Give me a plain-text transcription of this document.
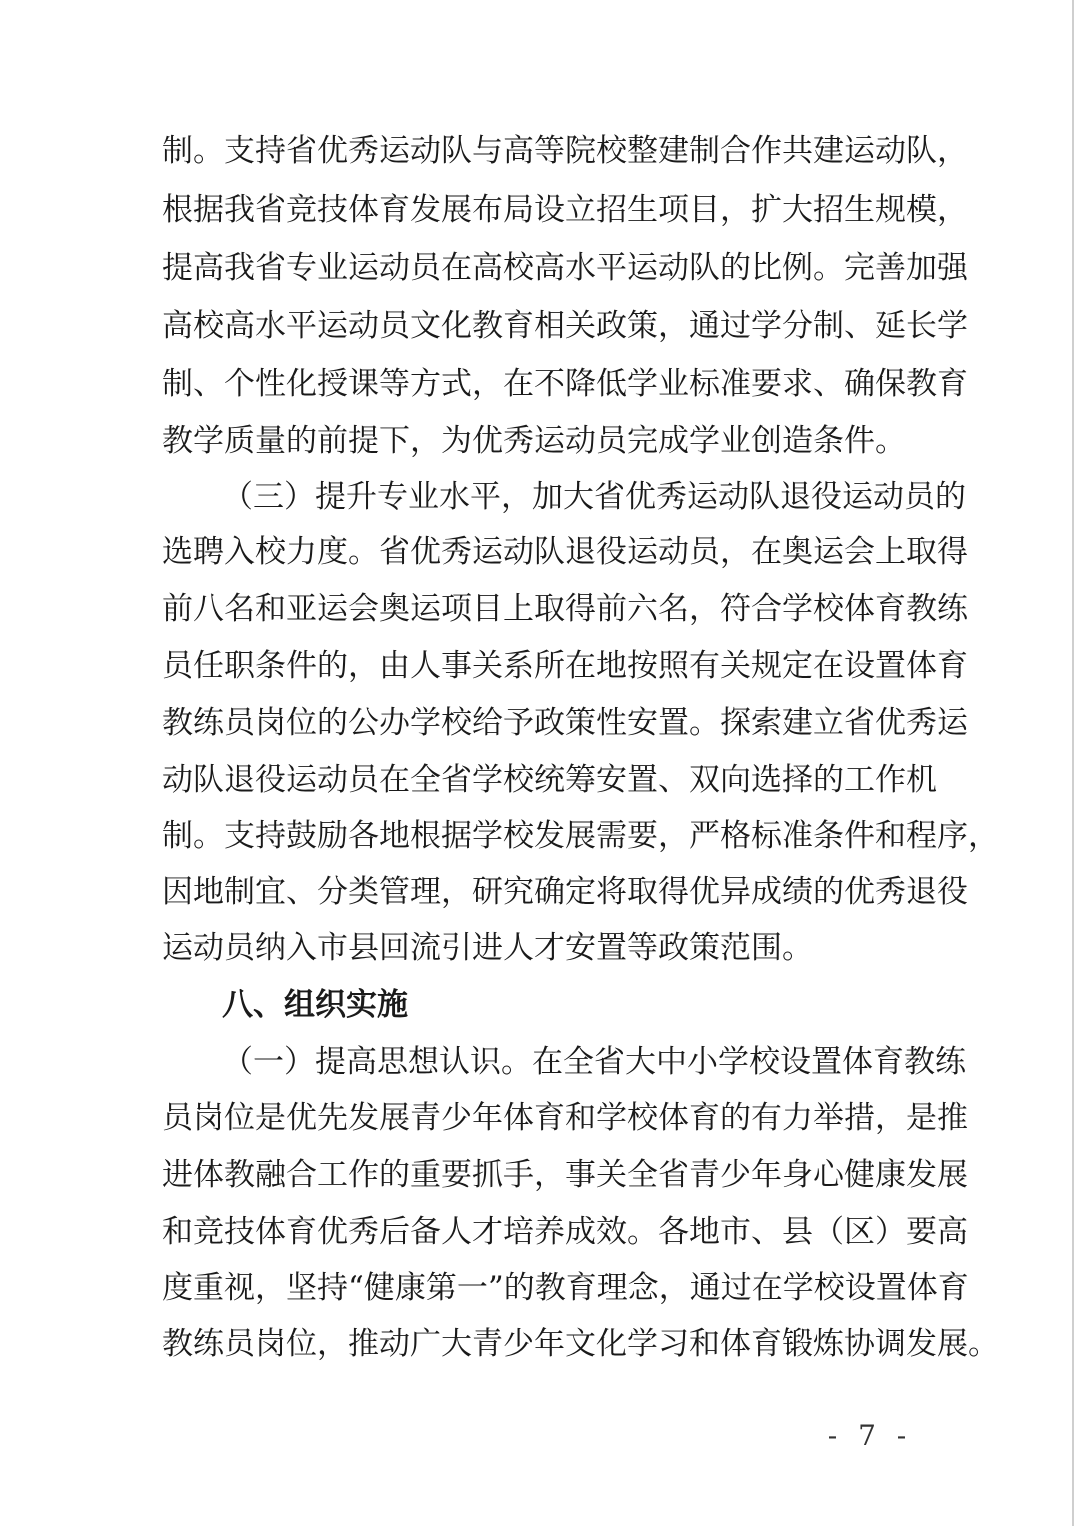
制。支持省优秀运动队与高等院校整建制合作共建运动队，
根据我省竞技体育发展布局设立招生项目，扩大招生规模，
提高我省专业运动员在高校高水平运动队的比例。完善加强
高校高水平运动员文化教育相关政策，通过学分制、延长学
制、个性化授课等方式，在不降低学业标准要求、确保教育
教学质量的前提下，为优秀运动员完成学业创造条件。
（三）提升专业水平，加大省优秀运动队退役运动员的
选聘入校力度。省优秀运动队退役运动员，在奥运会上取得
前八名和亚运会奥运项目上取得前六名，符合学校体育教练
员任职条件的，由人事关系所在地按照有关规定在设置体育
教练员岗位的公办学校给予政策性安置。探索建立省优秀运
动队退役运动员在全省学校统筹安置、双向选择的工作机
制。支持鼓励各地根据学校发展需要，严格标准条件和程序，
因地制宜、分类管理，研究确定将取得优异成绩的优秀退役
运动员纳入市县回流引进人才安置等政策范围。
八、组织实施
（一）提高思想认识。在全省大中小学校设置体育教练
员岗位是优先发展青少年体育和学校体育的有力举措，是推
进体教融合工作的重要抓手，事关全省青少年身心健康发展
和竞技体育优秀后备人才培养成效。各地市、县（区）要高
度重视，坚持“健康第一”的教育理念，通过在学校设置体育
教练员岗位，推动广大青少年文化学习和体育锻炼协调发展。
- 7 -
